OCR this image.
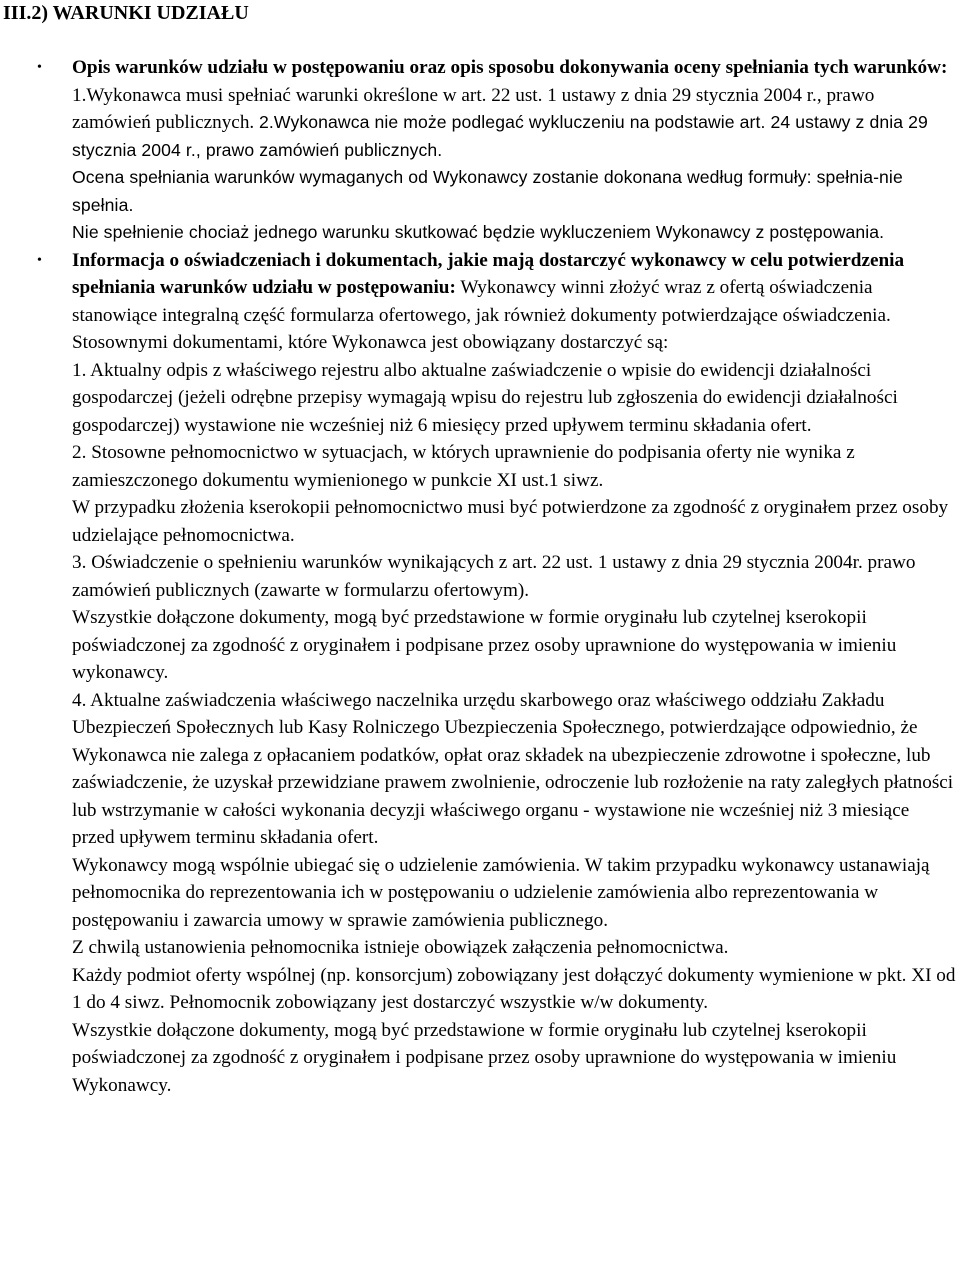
III.2) WARUNKI UDZIAŁU
• Opis warunków udziału w postępowaniu oraz opis sposobu dokonywania oceny spełniania tych warunków: 1.Wykonawca musi spełniać warunki określone w art. 22 ust. 1 ustawy z dnia 29 stycznia 2004 r., prawo zamówień publicznych. 2.Wykonawca nie może podlegać wykluczeniu na podstawie art. 24 ustawy z dnia 29 stycznia 2004 r., prawo zamówień publicznych.
Ocena spełniania warunków wymaganych od Wykonawcy zostanie dokonana według formuły: spełnia-nie spełnia.
Nie spełnienie chociaż jednego warunku skutkować będzie wykluczeniem Wykonawcy z postępowania.
• Informacja o oświadczeniach i dokumentach, jakie mają dostarczyć wykonawcy w celu potwierdzenia spełniania warunków udziału w postępowaniu: Wykonawcy winni złożyć wraz z ofertą oświadczenia stanowiące integralną część formularza ofertowego, jak również dokumenty potwierdzające oświadczenia.
Stosownymi dokumentami, które Wykonawca jest obowiązany dostarczyć są:
1. Aktualny odpis z właściwego rejestru albo aktualne zaświadczenie o wpisie do ewidencji działalności gospodarczej (jeżeli odrębne przepisy wymagają wpisu do rejestru lub zgłoszenia do ewidencji działalności gospodarczej) wystawione nie wcześniej niż 6 miesięcy przed upływem terminu składania ofert.
2. Stosowne pełnomocnictwo w sytuacjach, w których uprawnienie do podpisania oferty nie wynika z zamieszczonego dokumentu wymienionego w punkcie XI ust.1 siwz.
W przypadku złożenia kserokopii pełnomocnictwo musi być potwierdzone za zgodność z oryginałem przez osoby udzielające pełnomocnictwa.
3. Oświadczenie o spełnieniu warunków wynikających z art. 22 ust. 1 ustawy z dnia 29 stycznia 2004r. prawo zamówień publicznych (zawarte w formularzu ofertowym).
Wszystkie dołączone dokumenty, mogą być przedstawione w formie oryginału lub czytelnej kserokopii poświadczonej za zgodność z oryginałem i podpisane przez osoby uprawnione do występowania w imieniu wykonawcy.
4. Aktualne zaświadczenia właściwego naczelnika urzędu skarbowego oraz właściwego oddziału Zakładu Ubezpieczeń Społecznych lub Kasy Rolniczego Ubezpieczenia Społecznego, potwierdzające odpowiednio, że Wykonawca nie zalega z opłacaniem podatków, opłat oraz składek na ubezpieczenie zdrowotne i społeczne, lub zaświadczenie, że uzyskał przewidziane prawem zwolnienie, odroczenie lub rozłożenie na raty zaległych płatności lub wstrzymanie w całości wykonania decyzji właściwego organu - wystawione nie wcześniej niż 3 miesiące przed upływem terminu składania ofert.
Wykonawcy mogą wspólnie ubiegać się o udzielenie zamówienia. W takim przypadku wykonawcy ustanawiają pełnomocnika do reprezentowania ich w postępowaniu o udzielenie zamówienia albo reprezentowania w postępowaniu i zawarcia umowy w sprawie zamówienia publicznego.
Z chwilą ustanowienia pełnomocnika istnieje obowiązek załączenia pełnomocnictwa.
Każdy podmiot oferty wspólnej (np. konsorcjum) zobowiązany jest dołączyć dokumenty wymienione w pkt. XI od 1 do 4 siwz. Pełnomocnik zobowiązany jest dostarczyć wszystkie w/w dokumenty.
Wszystkie dołączone dokumenty, mogą być przedstawione w formie oryginału lub czytelnej kserokopii poświadczonej za zgodność z oryginałem i podpisane przez osoby uprawnione do występowania w imieniu Wykonawcy.
